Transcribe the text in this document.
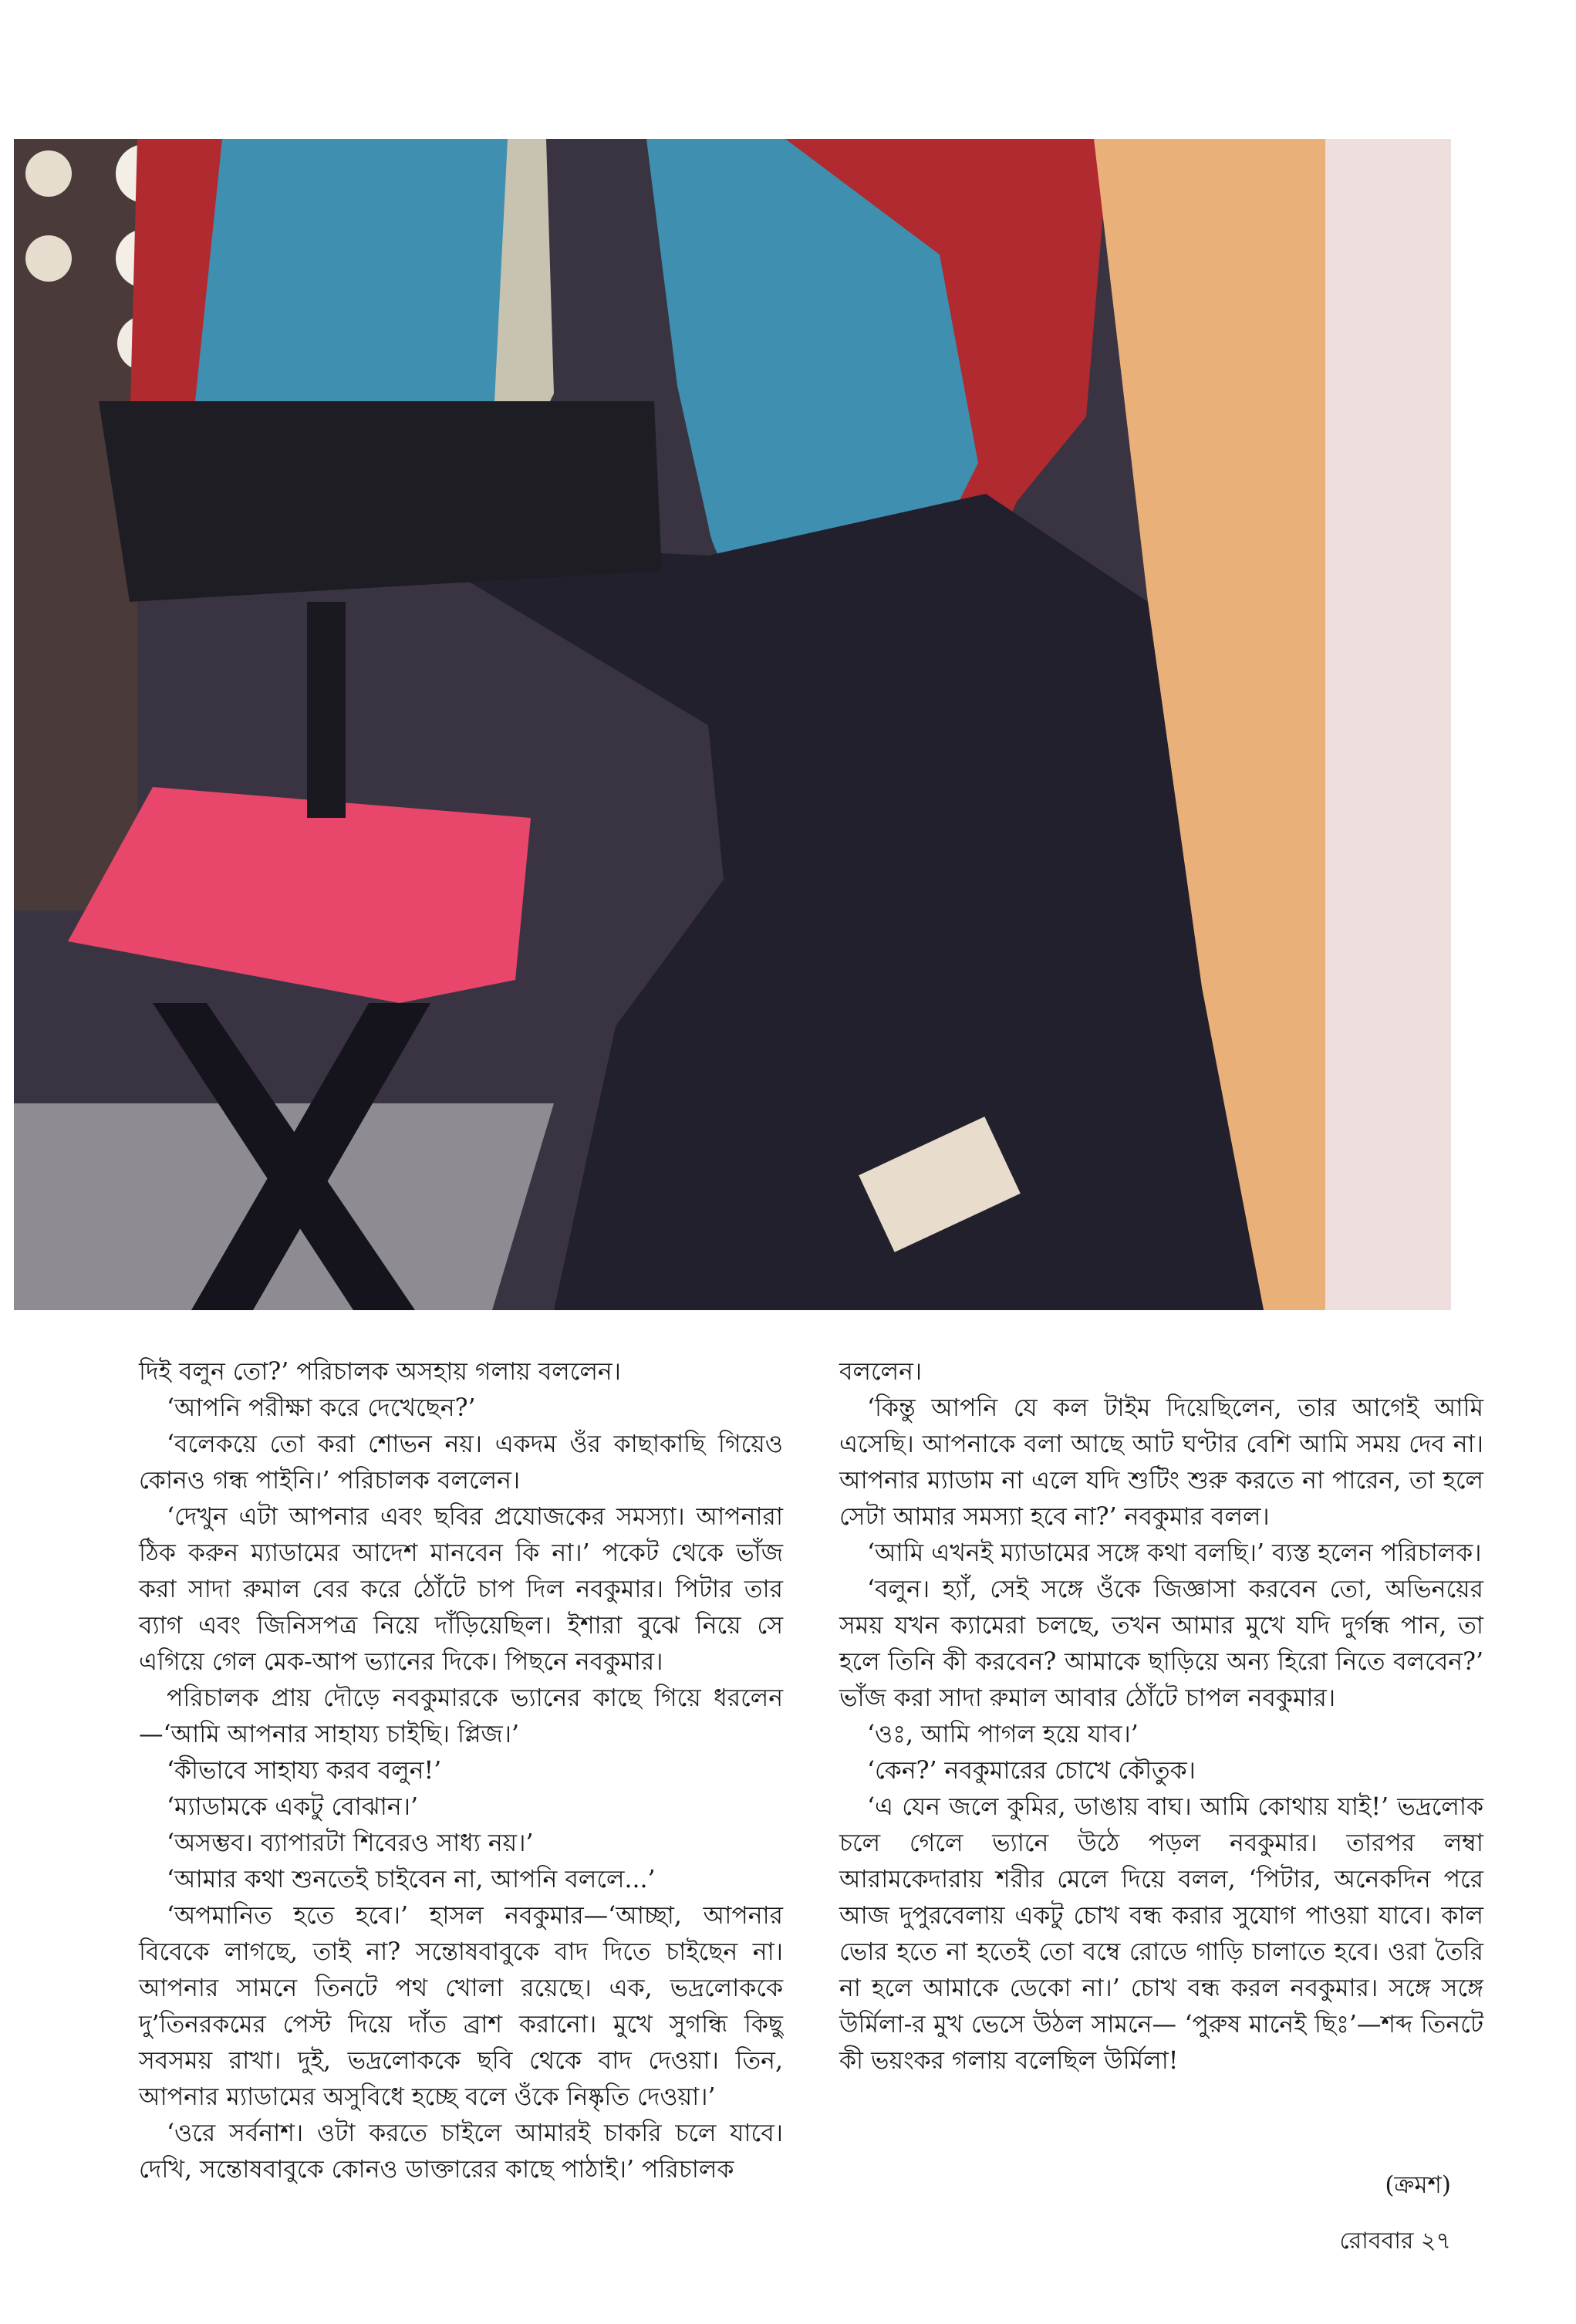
দিই বলুন তো?’ পরিচালক অসহায় গলায় বললেন।

‘আপনি পরীক্ষা করে দেখেছেন?’

‘বলেকয়ে তো করা শোভন নয়। একদম ওঁর কাছাকাছি গিয়েও কোনও গন্ধ পাইনি।’ পরিচালক বললেন।

‘দেখুন এটা আপনার এবং ছবির প্রযোজকের সমস্যা। আপনারা ঠিক করুন ম্যাডামের আদেশ মানবেন কি না।’ পকেট থেকে ভাঁজ করা সাদা রুমাল বের করে ঠোঁটে চাপ দিল নবকুমার। পিটার তার ব্যাগ এবং জিনিসপত্র নিয়ে দাঁড়িয়েছিল। ইশারা বুঝে নিয়ে সে এগিয়ে গেল মেক-আপ ভ্যানের দিকে। পিছনে নবকুমার।

পরিচালক প্রায় দৌড়ে নবকুমারকে ভ্যানের কাছে গিয়ে ধরলেন—‘আমি আপনার সাহায্য চাইছি। প্লিজ।’

‘কীভাবে সাহায্য করব বলুন!’

‘ম্যাডামকে একটু বোঝান।’

‘অসম্ভব। ব্যাপারটা শিবেরও সাধ্য নয়।’

‘আমার কথা শুনতেই চাইবেন না, আপনি বললে...’

‘অপমানিত হতে হবে।’ হাসল নবকুমার—‘আচ্ছা, আপনার বিবেকে লাগছে, তাই না? সন্তোষবাবুকে বাদ দিতে চাইছেন না। আপনার সামনে তিনটে পথ খোলা রয়েছে। এক, ভদ্রলোককে দু’তিনরকমের পেস্ট দিয়ে দাঁত ব্রাশ করানো। মুখে সুগন্ধি কিছু সবসময় রাখা। দুই, ভদ্রলোককে ছবি থেকে বাদ দেওয়া। তিন, আপনার ম্যাডামের অসুবিধে হচ্ছে বলে ওঁকে নিষ্কৃতি দেওয়া।’

‘ওরে সর্বনাশ। ওটা করতে চাইলে আমারই চাকরি চলে যাবে। দেখি, সন্তোষবাবুকে কোনও ডাক্তারের কাছে পাঠাই।’ পরিচালক

বললেন।

‘কিন্তু আপনি যে কল টাইম দিয়েছিলেন, তার আগেই আমি এসেছি। আপনাকে বলা আছে আট ঘণ্টার বেশি আমি সময় দেব না। আপনার ম্যাডাম না এলে যদি শুটিং শুরু করতে না পারেন, তা হলে সেটা আমার সমস্যা হবে না?’ নবকুমার বলল।

‘আমি এখনই ম্যাডামের সঙ্গে কথা বলছি।’ ব্যস্ত হলেন পরিচালক।

‘বলুন। হ্যাঁ, সেই সঙ্গে ওঁকে জিজ্ঞাসা করবেন তো, অভিনয়ের সময় যখন ক্যামেরা চলছে, তখন আমার মুখে যদি দুর্গন্ধ পান, তা হলে তিনি কী করবেন? আমাকে ছাড়িয়ে অন্য হিরো নিতে বলবেন?’ ভাঁজ করা সাদা রুমাল আবার ঠোঁটে চাপল নবকুমার।

‘ওঃ, আমি পাগল হয়ে যাব।’

‘কেন?’ নবকুমারের চোখে কৌতুক।

‘এ যেন জলে কুমির, ডাঙায় বাঘ। আমি কোথায় যাই!’ ভদ্রলোক চলে গেলে ভ্যানে উঠে পড়ল নবকুমার। তারপর লম্বা আরামকেদারায় শরীর মেলে দিয়ে বলল, ‘পিটার, অনেকদিন পরে আজ দুপুরবেলায় একটু চোখ বন্ধ করার সুযোগ পাওয়া যাবে। কাল ভোর হতে না হতেই তো বম্বে রোডে গাড়ি চালাতে হবে। ওরা তৈরি না হলে আমাকে ডেকো না।’ চোখ বন্ধ করল নবকুমার। সঙ্গে সঙ্গে উর্মিলা-র মুখ ভেসে উঠল সামনে— ‘পুরুষ মানেই ছিঃ’—শব্দ তিনটে কী ভয়ংকর গলায় বলেছিল উর্মিলা!

(ক্রমশ)
রোববার ২৭
